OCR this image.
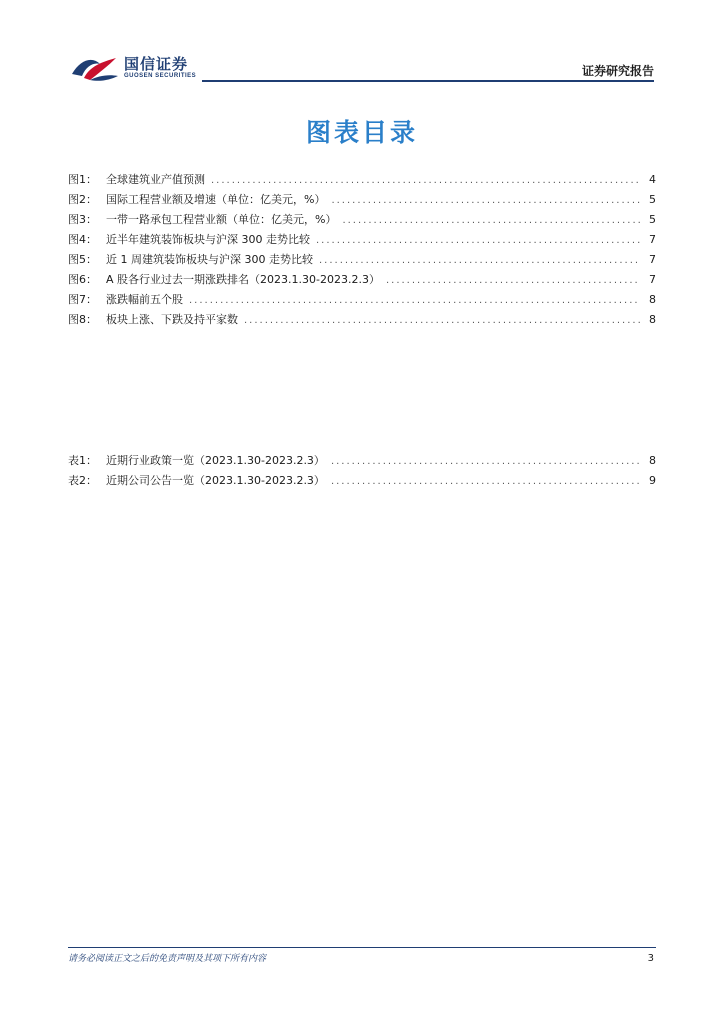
国信证券
GUOSEN SECURITIES	证券研究报告
图表目录
图1： 全球建筑业产值预测 .....	4
图2： 国际工程营业额及增速（单位：亿美元，%） .....	5
图3： 一带一路承包工程营业额（单位：亿美元，%） .....	5
图4： 近半年建筑装饰板块与沪深 300 走势比较 .....	7
图5： 近 1 周建筑装饰板块与沪深 300 走势比较 .....	7
图6： A 股各行业过去一期涨跌排名（2023.1.30-2023.2.3） .....	7
图7： 涨跌幅前五个股 .....	8
图8： 板块上涨、下跌及持平家数 .....	8
表1： 近期行业政策一览（2023.1.30-2023.2.3） .....	8
表2： 近期公司公告一览（2023.1.30-2023.2.3） .....	9
请务必阅读正文之后的免责声明及其项下所有内容	3
